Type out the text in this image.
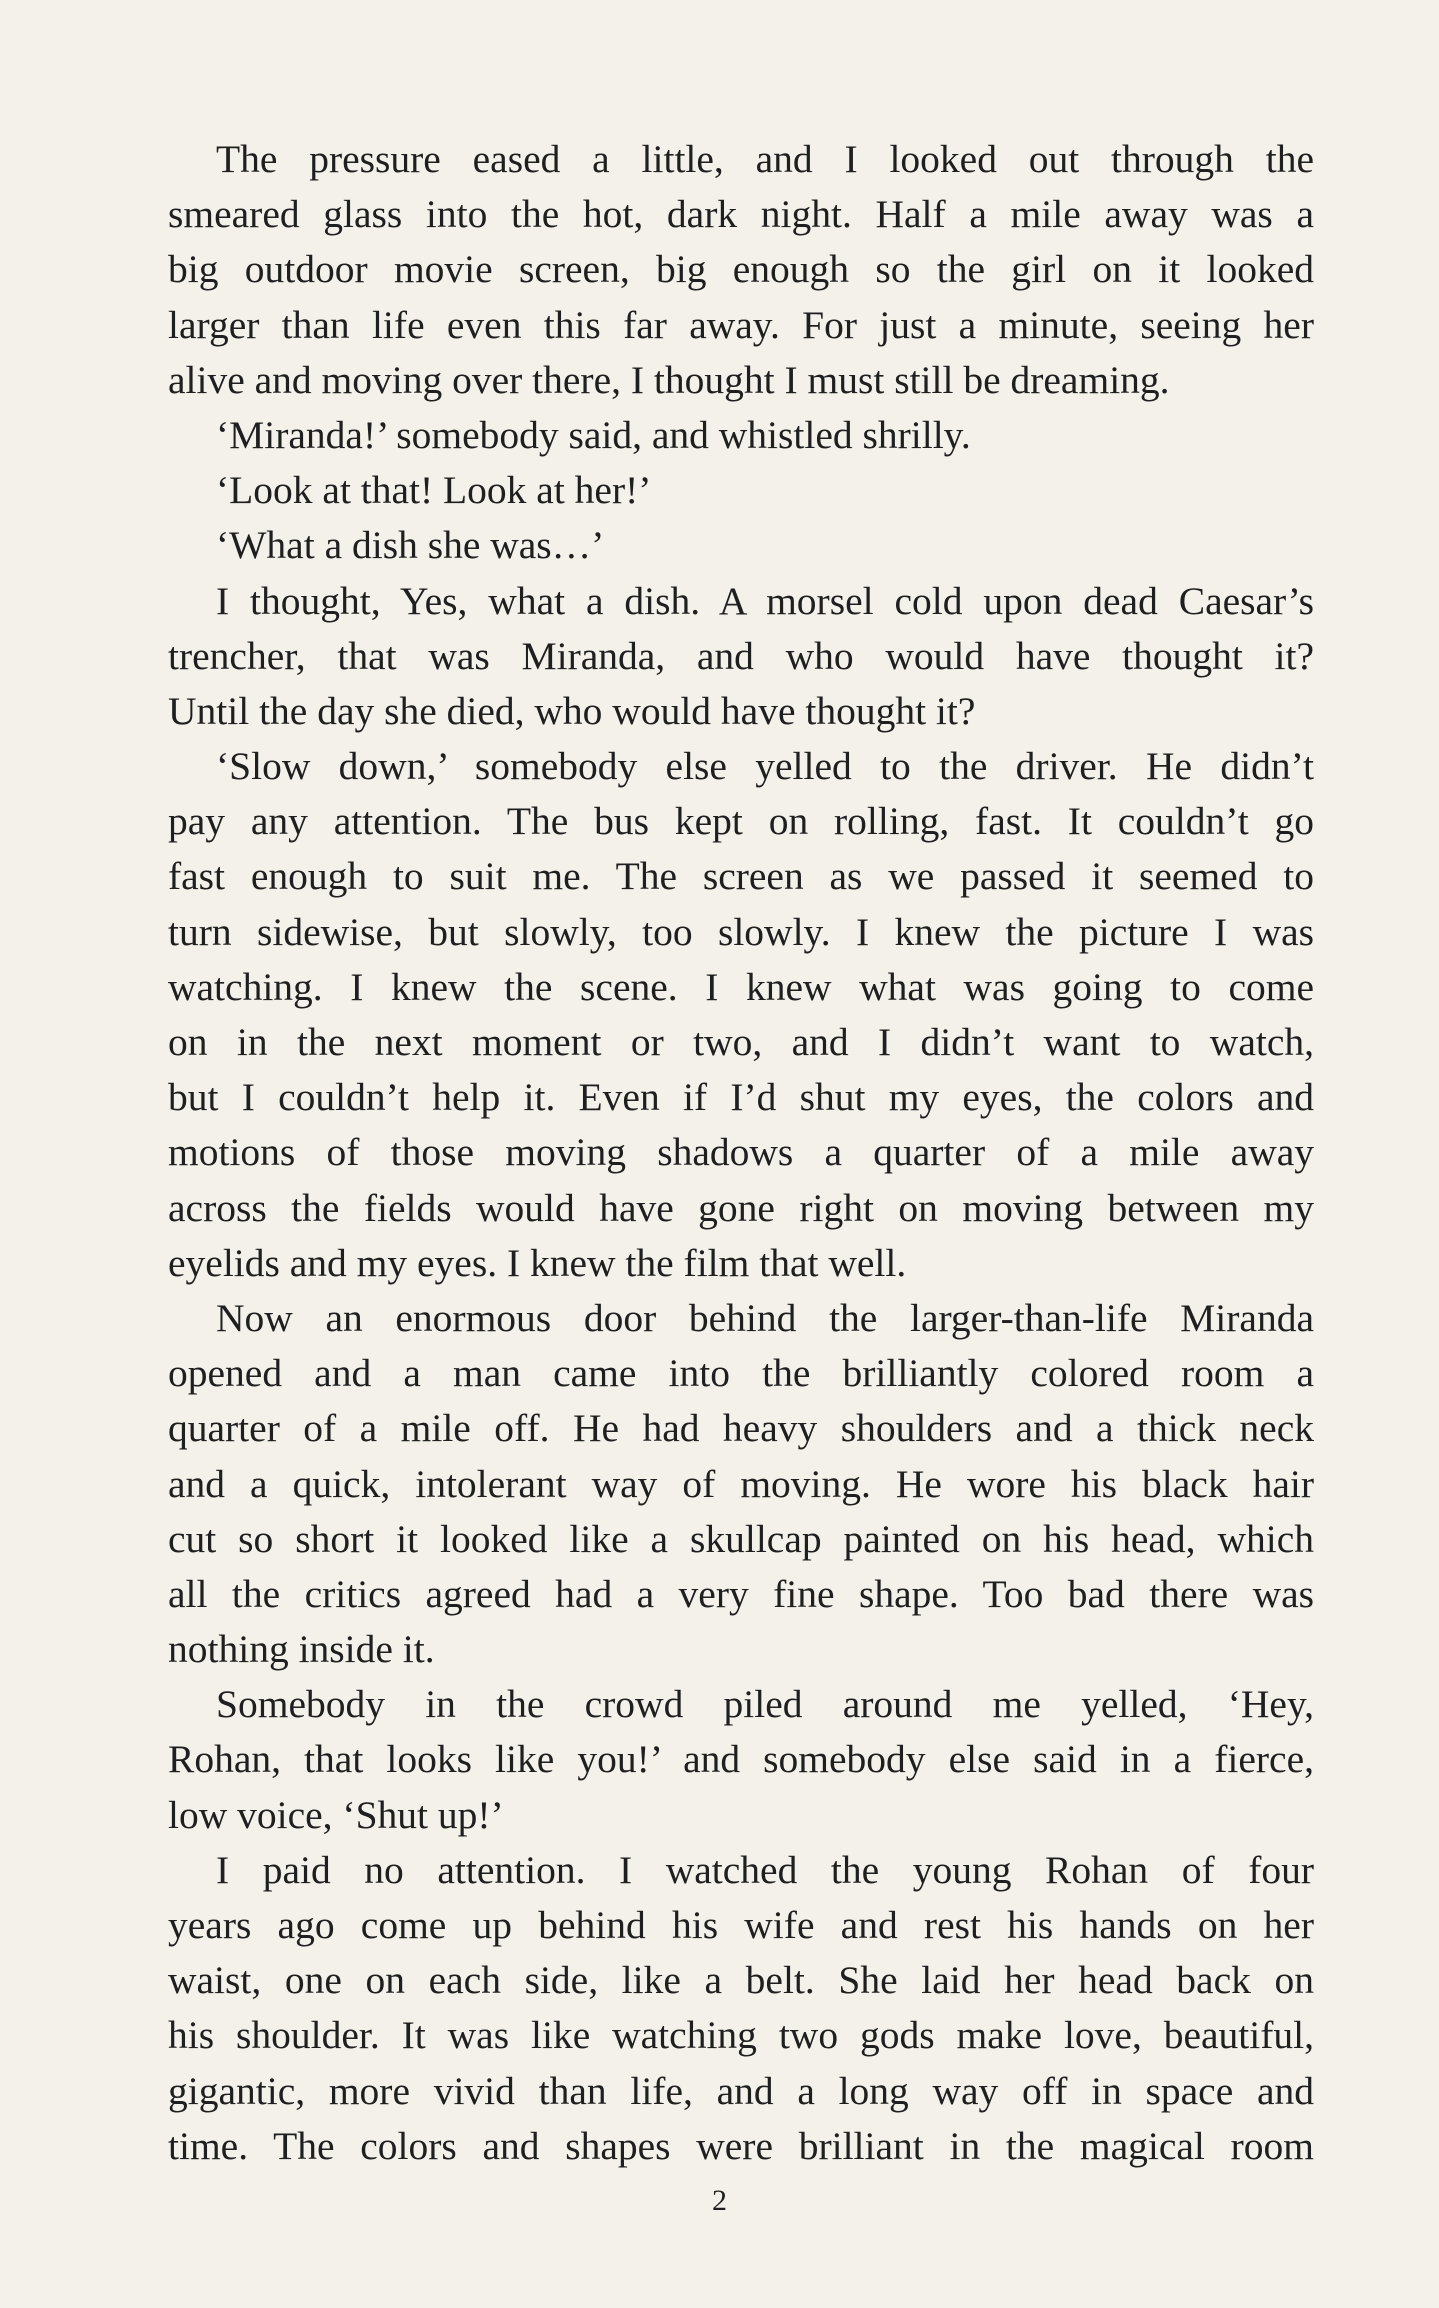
The pressure eased a little, and I looked out through the
smeared glass into the hot, dark night. Half a mile away was a
big outdoor movie screen, big enough so the girl on it looked
larger than life even this far away. For just a minute, seeing her
alive and moving over there, I thought I must still be dreaming.
‘Miranda!’ somebody said, and whistled shrilly.
‘Look at that! Look at her!’
‘What a dish she was…’
I thought, Yes, what a dish. A morsel cold upon dead Caesar’s
trencher, that was Miranda, and who would have thought it?
Until the day she died, who would have thought it?
‘Slow down,’ somebody else yelled to the driver. He didn’t
pay any attention. The bus kept on rolling, fast. It couldn’t go
fast enough to suit me. The screen as we passed it seemed to
turn sidewise, but slowly, too slowly. I knew the picture I was
watching. I knew the scene. I knew what was going to come
on in the next moment or two, and I didn’t want to watch,
but I couldn’t help it. Even if I’d shut my eyes, the colors and
motions of those moving shadows a quarter of a mile away
across the fields would have gone right on moving between my
eyelids and my eyes. I knew the film that well.
Now an enormous door behind the larger-than-life Miranda
opened and a man came into the brilliantly colored room a
quarter of a mile off. He had heavy shoulders and a thick neck
and a quick, intolerant way of moving. He wore his black hair
cut so short it looked like a skullcap painted on his head, which
all the critics agreed had a very fine shape. Too bad there was
nothing inside it.
Somebody in the crowd piled around me yelled, ‘Hey,
Rohan, that looks like you!’ and somebody else said in a fierce,
low voice, ‘Shut up!’
I paid no attention. I watched the young Rohan of four
years ago come up behind his wife and rest his hands on her
waist, one on each side, like a belt. She laid her head back on
his shoulder. It was like watching two gods make love, beautiful,
gigantic, more vivid than life, and a long way off in space and
time. The colors and shapes were brilliant in the magical room
2
